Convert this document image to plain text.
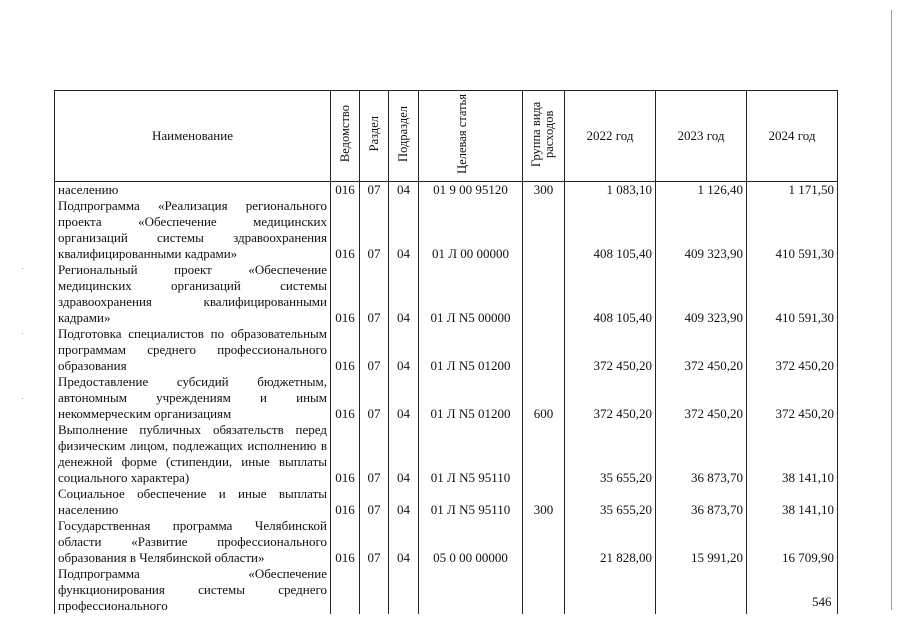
Наименование	Ведомство	Раздел	Подраздел	Целевая статья	Группа вида расходов	2022 год	2023 год	2024 год
населению	016	07	04	01 9 00 95120	300	1 083,10	1 126,40	1 171,50
Подпрограмма «Реализация регионального проекта «Обеспечение медицинских организаций системы здравоохранения квалифицированными кадрами»	016	07	04	01 Л 00 00000		408 105,40	409 323,90	410 591,30
Региональный проект «Обеспечение медицинских организаций системы здравоохранения квалифицированными кадрами»	016	07	04	01 Л N5 00000		408 105,40	409 323,90	410 591,30
Подготовка специалистов по образовательным программам среднего профессионального образования	016	07	04	01 Л N5 01200		372 450,20	372 450,20	372 450,20
Предоставление субсидий бюджетным, автономным учреждениям и иным некоммерческим организациям	016	07	04	01 Л N5 01200	600	372 450,20	372 450,20	372 450,20
Выполнение публичных обязательств перед физическим лицом, подлежащих исполнению в денежной форме (стипендии, иные выплаты социального характера)	016	07	04	01 Л N5 95110		35 655,20	36 873,70	38 141,10
Социальное обеспечение и иные выплаты населению	016	07	04	01 Л N5 95110	300	35 655,20	36 873,70	38 141,10
Государственная программа Челябинской области «Развитие профессионального образования в Челябинской области»	016	07	04	05 0 00 00000		21 828,00	15 991,20	16 709,90
Подпрограмма «Обеспечение функционирования системы среднего профессионального									546
